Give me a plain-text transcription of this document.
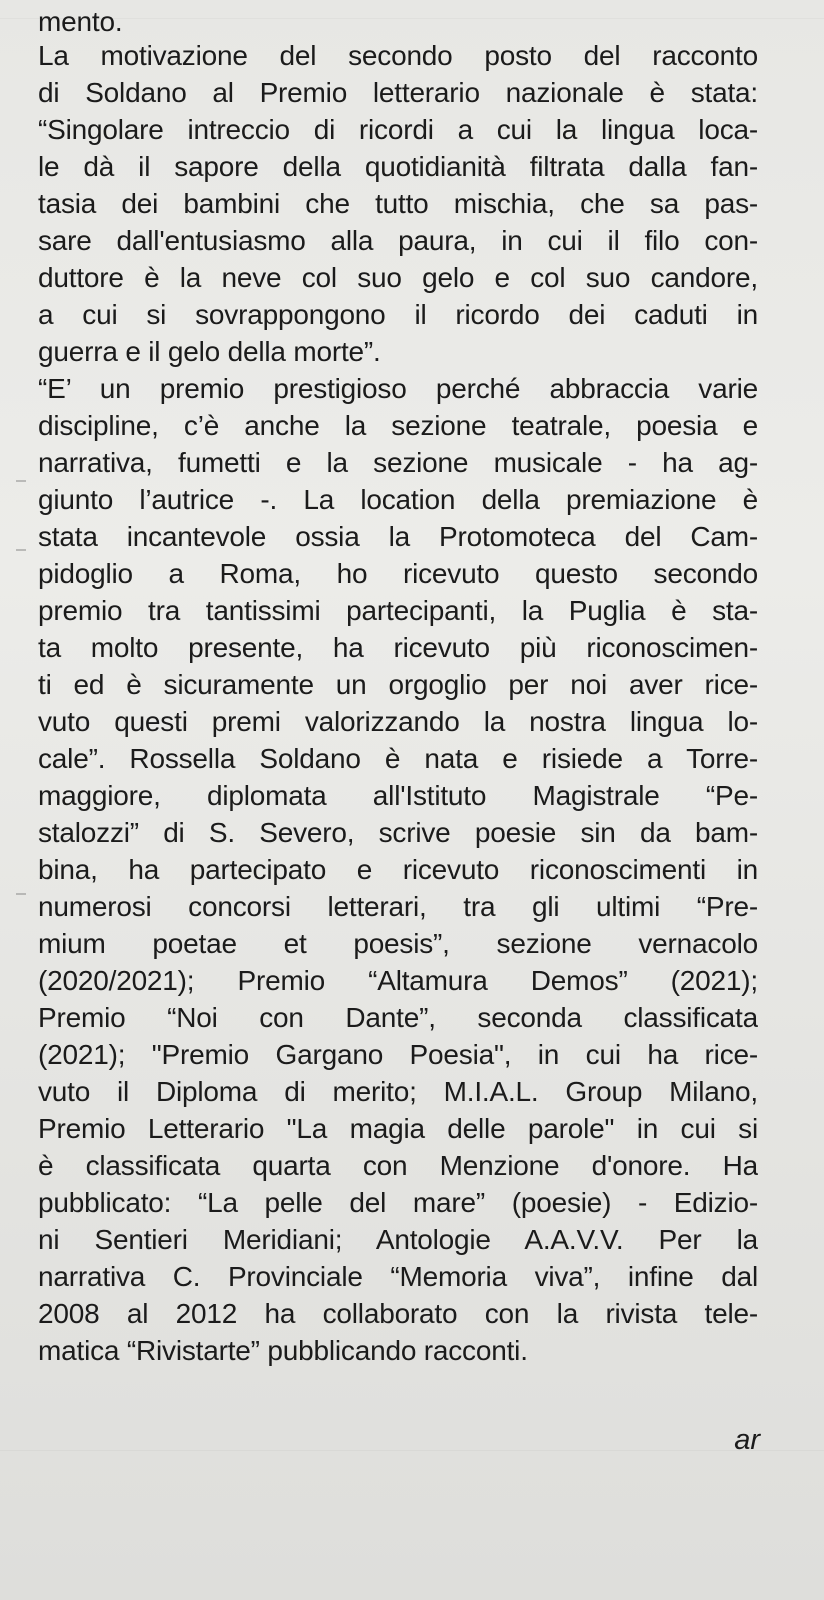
mento.
La motivazione del secondo posto del racconto
di Soldano al Premio letterario nazionale è stata:
“Singolare intreccio di ricordi a cui la lingua loca-
le dà il sapore della quotidianità filtrata dalla fan-
tasia dei bambini che tutto mischia, che sa pas-
sare dall'entusiasmo alla paura, in cui il filo con-
duttore è la neve col suo gelo e col suo candore,
a cui si sovrappongono il ricordo dei caduti in
guerra e il gelo della morte”.
“E’ un premio prestigioso perché abbraccia varie
discipline, c’è anche la sezione teatrale, poesia e
narrativa, fumetti e la sezione musicale - ha ag-
giunto l’autrice -. La location della premiazione è
stata incantevole ossia la Protomoteca del Cam-
pidoglio a Roma, ho ricevuto questo secondo
premio tra tantissimi partecipanti, la Puglia è sta-
ta molto presente, ha ricevuto più riconoscimen-
ti ed è sicuramente un orgoglio per noi aver rice-
vuto questi premi valorizzando la nostra lingua lo-
cale”. Rossella Soldano è nata e risiede a Torre-
maggiore, diplomata all'Istituto Magistrale “Pe-
stalozzi” di S. Severo, scrive poesie sin da bam-
bina, ha partecipato e ricevuto riconoscimenti in
numerosi concorsi letterari, tra gli ultimi “Pre-
mium poetae et poesis”, sezione vernacolo
(2020/2021); Premio “Altamura Demos” (2021);
Premio “Noi con Dante”, seconda classificata
(2021); "Premio Gargano Poesia", in cui ha rice-
vuto il Diploma di merito; M.I.A.L. Group Milano,
Premio Letterario "La magia delle parole" in cui si
è classificata quarta con Menzione d'onore. Ha
pubblicato: “La pelle del mare” (poesie) - Edizio-
ni Sentieri Meridiani; Antologie A.A.V.V. Per la
narrativa C. Provinciale “Memoria viva”, infine dal
2008 al 2012 ha collaborato con la rivista tele-
matica “Rivistarte” pubblicando racconti.
ar
